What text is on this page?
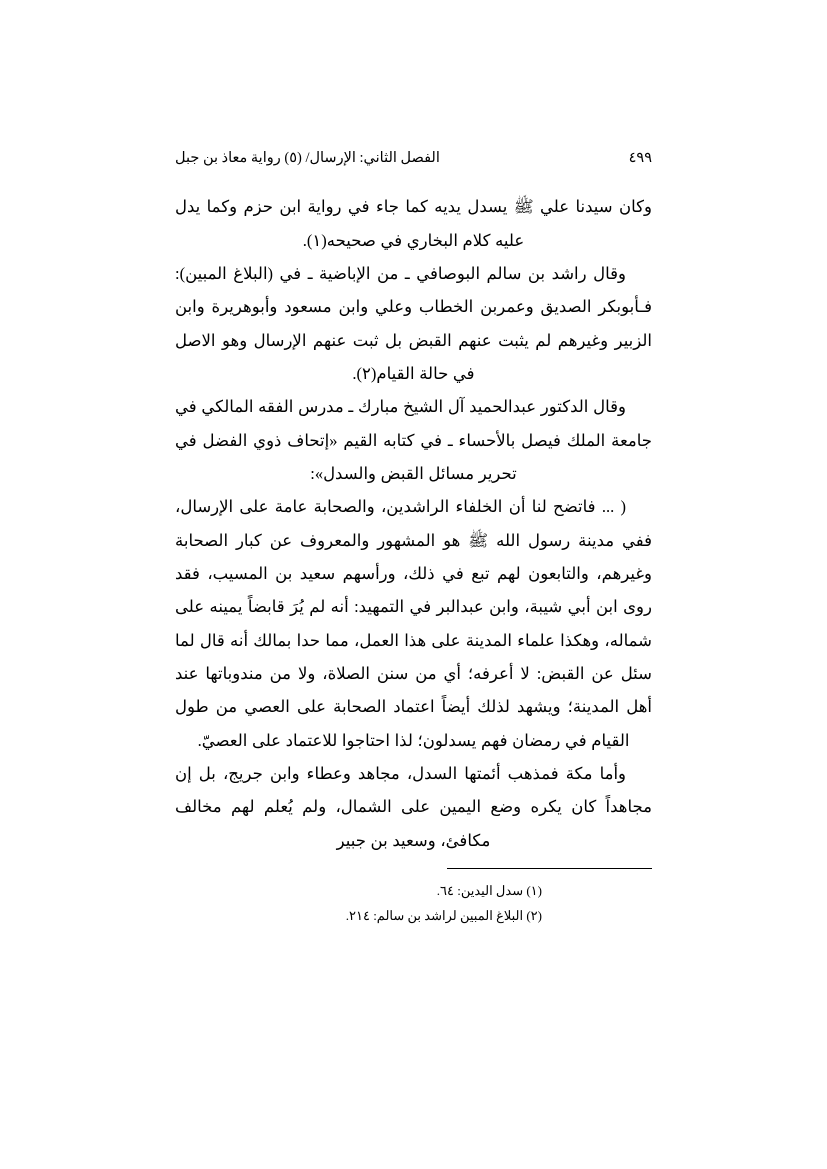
٤٩٩
الفصل الثاني: الإرسال/ (٥) رواية معاذ بن جبل

وكان سيدنا علي ﷺ يسدل يديه كما جاء في رواية ابن حزم وكما يدل عليه كلام البخاري في صحيحه(١).

وقال راشد بن سالم البوصافي ـ من الإباضية ـ في (البلاغ المبين): فـأبوبكر الصديق وعمربن الخطاب وعلي وابن مسعود وأبوهريرة وابن الزبير وغيرهم لم يثبت عنهم القبض بل ثبت عنهم الإرسال وهو الاصل في حالة القيام(٢).

وقال الدكتور عبدالحميد آل الشيخ مبارك ـ مدرس الفقه المالكي في جامعة الملك فيصل بالأحساء ـ في كتابه القيم «إتحاف ذوي الفضل في تحرير مسائل القبض والسدل»:

( ... فاتضح لنا أن الخلفاء الراشدين، والصحابة عامة على الإرسال، ففي مدينة رسول الله ﷺ هو المشهور والمعروف عن كبار الصحابة وغيرهم، والتابعون لهم تبع في ذلك، ورأسهم سعيد بن المسيب، فقد روى ابن أبي شيبة، وابن عبدالبر في التمهيد: أنه لم يُرَ قابضاً يمينه على شماله، وهكذا علماء المدينة على هذا العمل، مما حدا بمالك أنه قال لما سئل عن القبض: لا أعرفه؛ أي من سنن الصلاة، ولا من مندوباتها عند أهل المدينة؛ ويشهد لذلك أيضاً اعتماد الصحابة على العصي من طول القيام في رمضان فهم يسدلون؛ لذا احتاجوا للاعتماد على العصيّ.

وأما مكة فمذهب أئمتها السدل، مجاهد وعطاء وابن جريج، بل إن مجاهداً كان يكره وضع اليمين على الشمال، ولم يُعلم لهم مخالف مكافئ، وسعيد بن جبير

(١) سدل اليدين: ٦٤.

(٢) البلاغ المبين لراشد بن سالم: ٢١٤.
